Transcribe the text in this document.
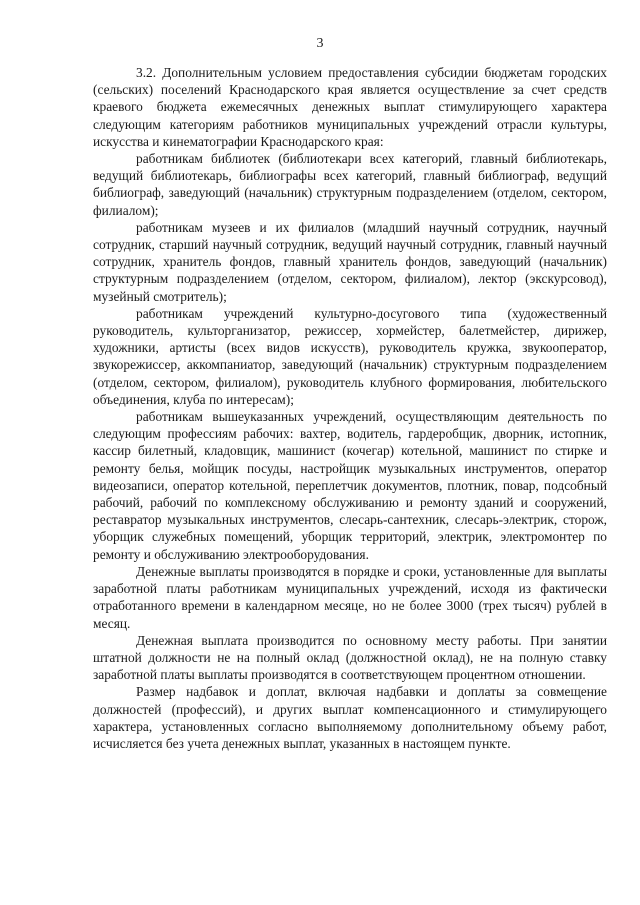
3

3.2. Дополнительным условием предоставления субсидии бюджетам городских (сельских) поселений Краснодарского края является осуществление за счет средств краевого бюджета ежемесячных денежных выплат стимулирующего характера следующим категориям работников муниципальных учреждений отрасли культуры, искусства и кинематографии Краснодарского края:

работникам библиотек (библиотекари всех категорий, главный библиотекарь, ведущий библиотекарь, библиографы всех категорий, главный библиограф, ведущий библиограф, заведующий (начальник) структурным подразделением (отделом, сектором, филиалом);

работникам музеев и их филиалов (младший научный сотрудник, научный сотрудник, старший научный сотрудник, ведущий научный сотрудник, главный научный сотрудник, хранитель фондов, главный хранитель фондов, заведующий (начальник) структурным подразделением (отделом, сектором, филиалом), лектор (экскурсовод), музейный смотритель);

работникам учреждений культурно-досугового типа (художественный руководитель, культорганизатор, режиссер, хормейстер, балетмейстер, дирижер, художники, артисты (всех видов искусств), руководитель кружка, звукооператор, звукорежиссер, аккомпаниатор, заведующий (начальник) структурным подразделением (отделом, сектором, филиалом), руководитель клубного формирования, любительского объединения, клуба по интересам);

работникам вышеуказанных учреждений, осуществляющим деятельность по следующим профессиям рабочих: вахтер, водитель, гардеробщик, дворник, истопник, кассир билетный, кладовщик, машинист (кочегар) котельной, машинист по стирке и ремонту белья, мойщик посуды, настройщик музыкальных инструментов, оператор видеозаписи, оператор котельной, переплетчик документов, плотник, повар, подсобный рабочий, рабочий по комплексному обслуживанию и ремонту зданий и сооружений, реставратор музыкальных инструментов, слесарь-сантехник, слесарь-электрик, сторож, уборщик служебных помещений, уборщик территорий, электрик, электромонтер по ремонту и обслуживанию электрооборудования.

Денежные выплаты производятся в порядке и сроки, установленные для выплаты заработной платы работникам муниципальных учреждений, исходя из фактически отработанного времени в календарном месяце, но не более 3000 (трех тысяч) рублей в месяц.

Денежная выплата производится по основному месту работы. При занятии штатной должности не на полный оклад (должностной оклад), не на полную ставку заработной платы выплаты производятся в соответствующем процентном отношении.

Размер надбавок и доплат, включая надбавки и доплаты за совмещение должностей (профессий), и других выплат компенсационного и стимулирующего характера, установленных согласно выполняемому дополнительному объему работ, исчисляется без учета денежных выплат, указанных в настоящем пункте.
